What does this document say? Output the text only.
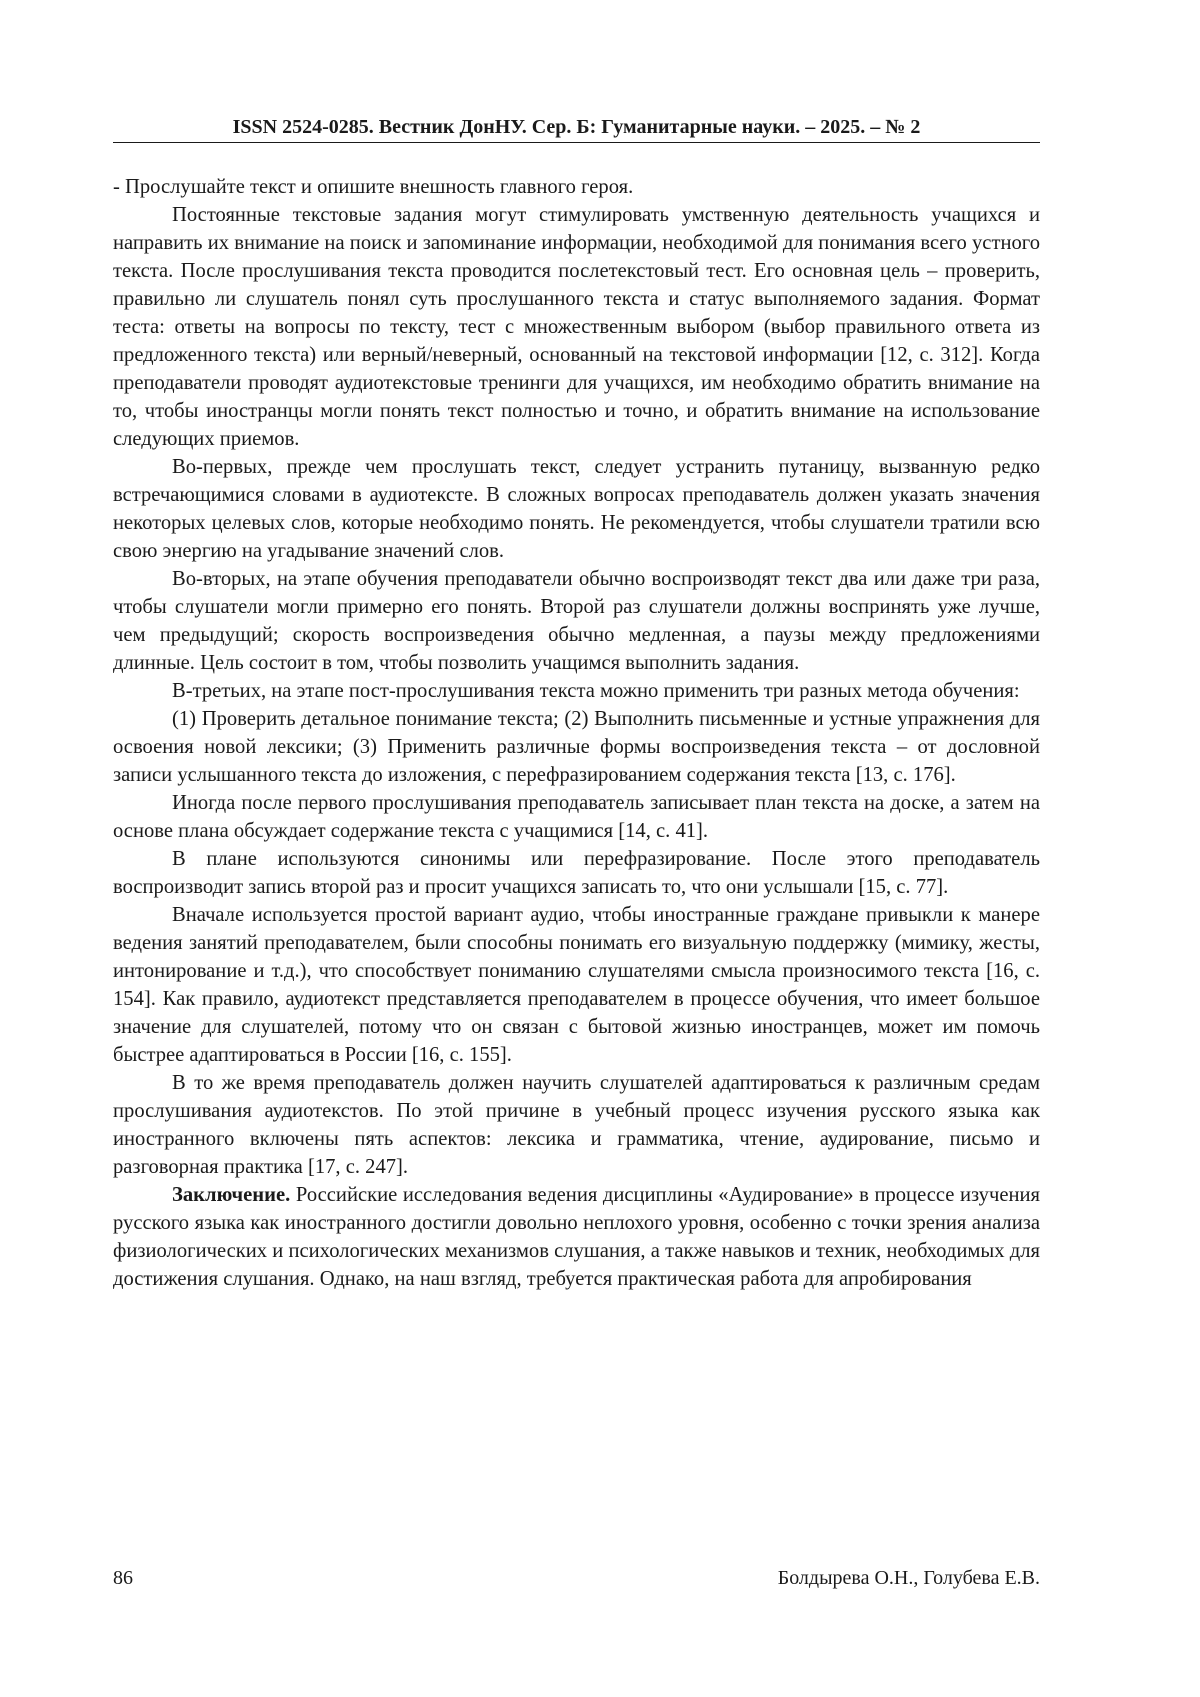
ISSN 2524-0285. Вестник ДонНУ. Сер. Б: Гуманитарные науки. – 2025. – № 2

- Прослушайте текст и опишите внешность главного героя.

Постоянные текстовые задания могут стимулировать умственную деятельность учащихся и направить их внимание на поиск и запоминание информации, необходимой для понимания всего устного текста. После прослушивания текста проводится послетекстовый тест. Его основная цель – проверить, правильно ли слушатель понял суть прослушанного текста и статус выполняемого задания. Формат теста: ответы на вопросы по тексту, тест с множественным выбором (выбор правильного ответа из предложенного текста) или верный/неверный, основанный на текстовой информации [12, с. 312]. Когда преподаватели проводят аудиотекстовые тренинги для учащихся, им необходимо обратить внимание на то, чтобы иностранцы могли понять текст полностью и точно, и обратить внимание на использование следующих приемов.

Во-первых, прежде чем прослушать текст, следует устранить путаницу, вызванную редко встречающимися словами в аудиотексте. В сложных вопросах преподаватель должен указать значения некоторых целевых слов, которые необходимо понять. Не рекомендуется, чтобы слушатели тратили всю свою энергию на угадывание значений слов.

Во-вторых, на этапе обучения преподаватели обычно воспроизводят текст два или даже три раза, чтобы слушатели могли примерно его понять. Второй раз слушатели должны воспринять уже лучше, чем предыдущий; скорость воспроизведения обычно медленная, а паузы между предложениями длинные. Цель состоит в том, чтобы позволить учащимся выполнить задания.

В-третьих, на этапе пост-прослушивания текста можно применить три разных метода обучения:

(1) Проверить детальное понимание текста; (2) Выполнить письменные и устные упражнения для освоения новой лексики; (3) Применить различные формы воспроизведения текста – от дословной записи услышанного текста до изложения, с перефразированием содержания текста [13, с. 176].

Иногда после первого прослушивания преподаватель записывает план текста на доске, а затем на основе плана обсуждает содержание текста с учащимися [14, с. 41].

В плане используются синонимы или перефразирование. После этого преподаватель воспроизводит запись второй раз и просит учащихся записать то, что они услышали [15, с. 77].

Вначале используется простой вариант аудио, чтобы иностранные граждане привыкли к манере ведения занятий преподавателем, были способны понимать его визуальную поддержку (мимику, жесты, интонирование и т.д.), что способствует пониманию слушателями смысла произносимого текста [16, с. 154]. Как правило, аудиотекст представляется преподавателем в процессе обучения, что имеет большое значение для слушателей, потому что он связан с бытовой жизнью иностранцев, может им помочь быстрее адаптироваться в России [16, с. 155].

В то же время преподаватель должен научить слушателей адаптироваться к различным средам прослушивания аудиотекстов. По этой причине в учебный процесс изучения русского языка как иностранного включены пять аспектов: лексика и грамматика, чтение, аудирование, письмо и разговорная практика [17, с. 247].

Заключение. Российские исследования ведения дисциплины «Аудирование» в процессе изучения русского языка как иностранного достигли довольно неплохого уровня, особенно с точки зрения анализа физиологических и психологических механизмов слушания, а также навыков и техник, необходимых для достижения слушания. Однако, на наш взгляд, требуется практическая работа для апробирования

86	Болдырева О.Н., Голубева Е.В.
